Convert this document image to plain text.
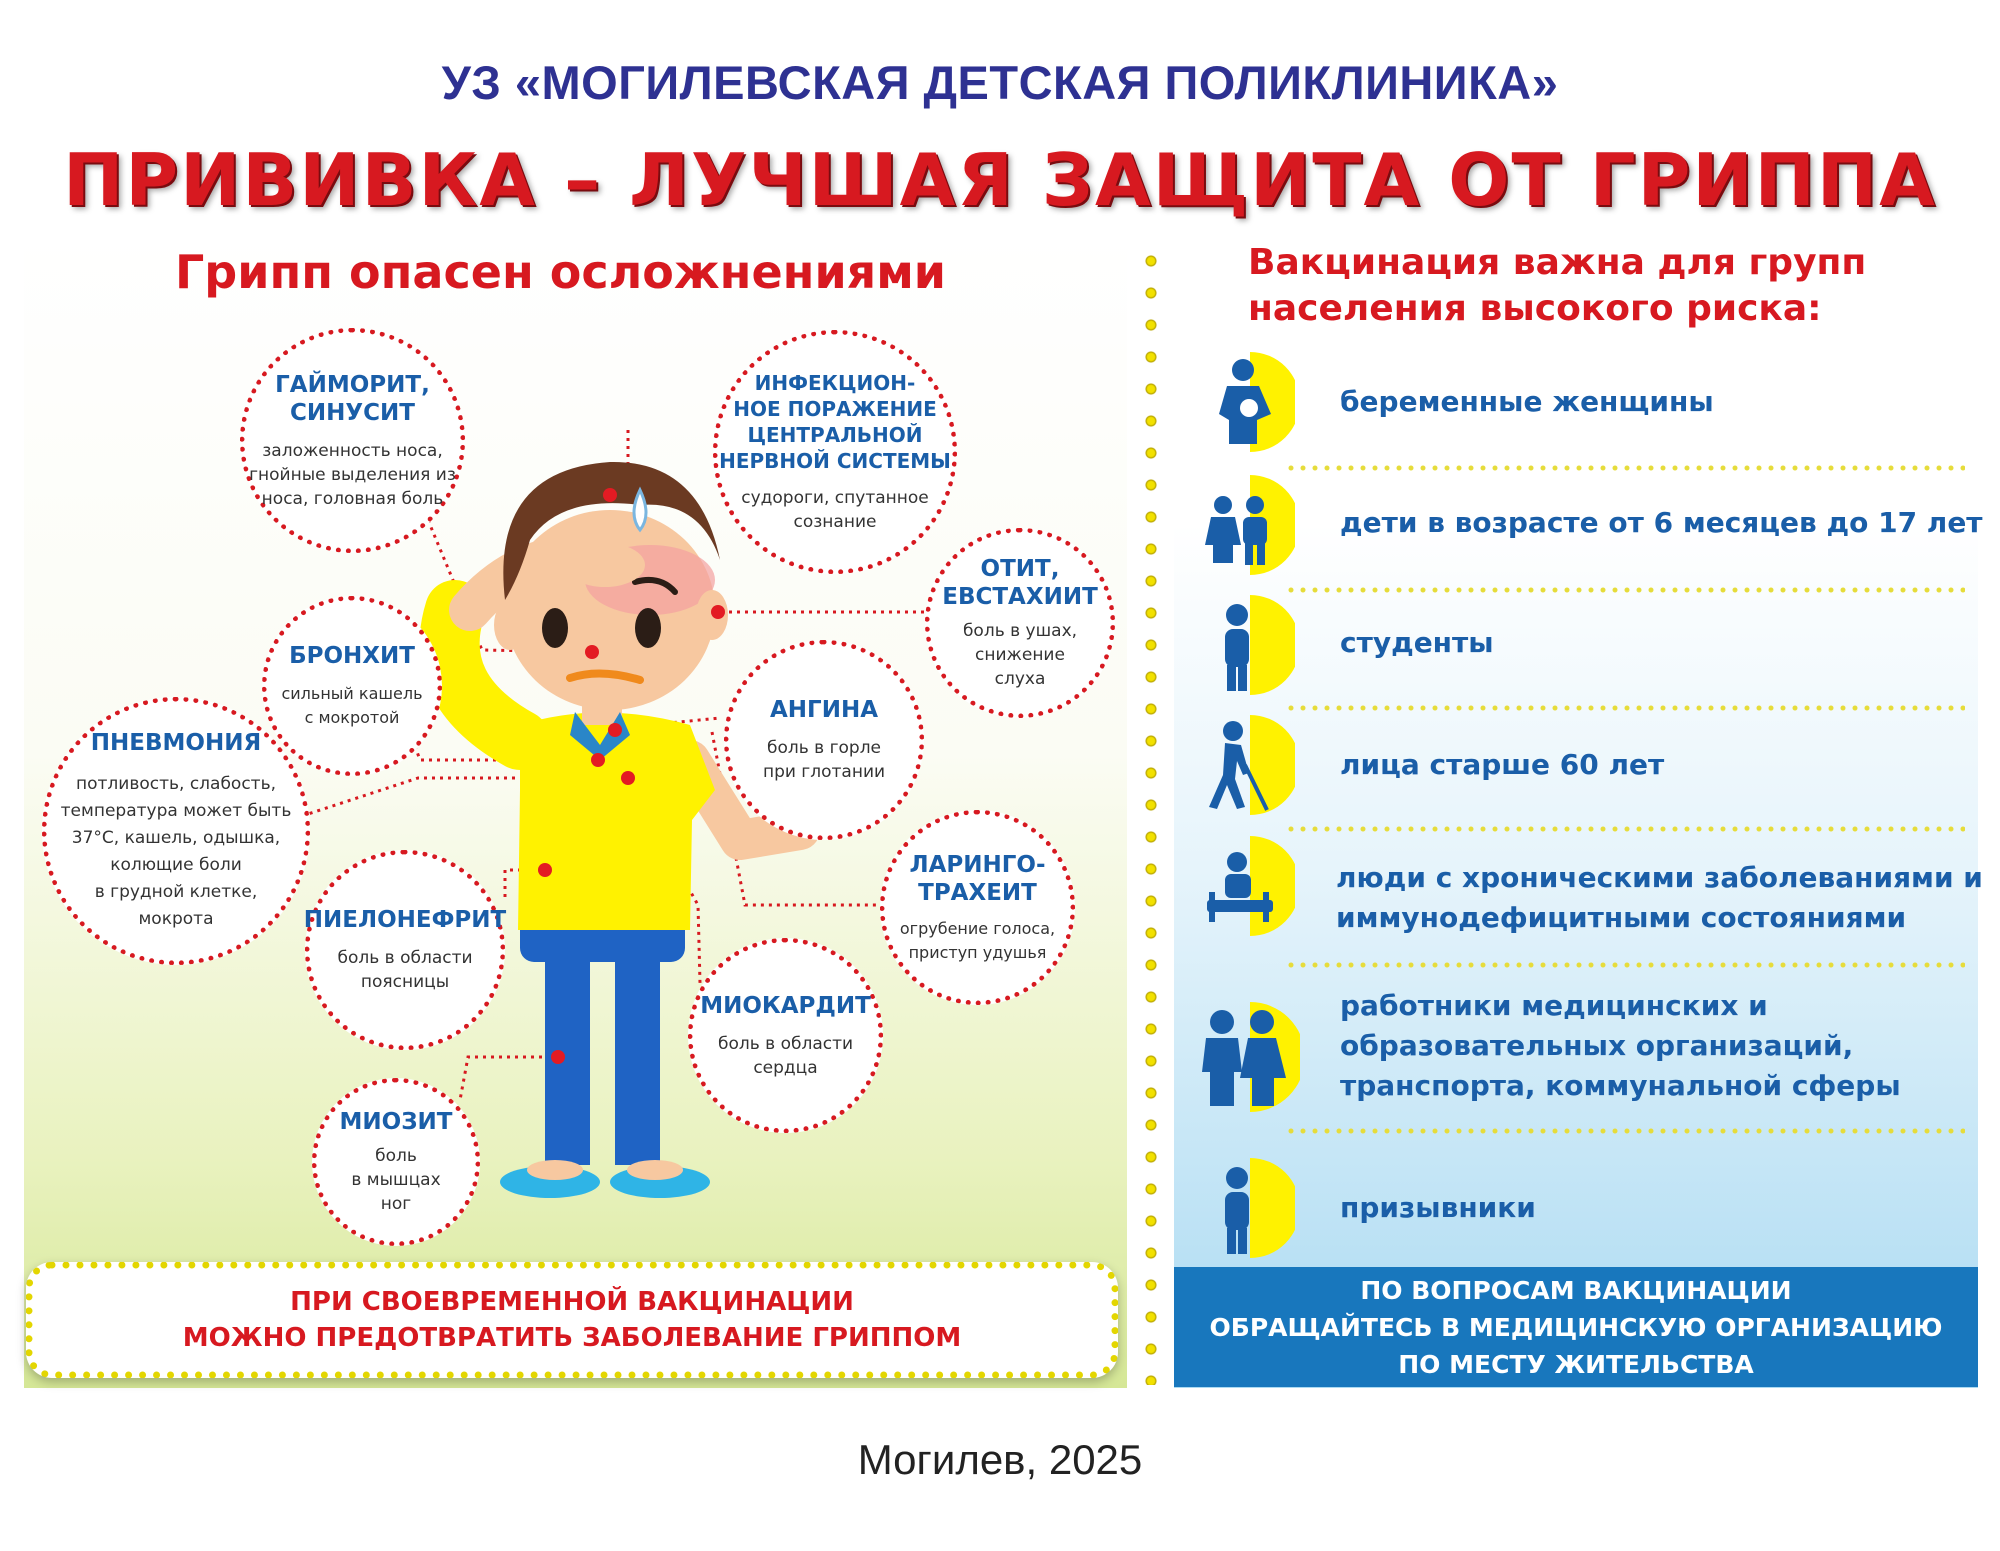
УЗ «МОГИЛЕВСКАЯ ДЕТСКАЯ ПОЛИКЛИНИКА»
ПРИВИВКА – ЛУЧШАЯ ЗАЩИТА ОТ ГРИППА
Грипп опасен осложнениями	Вакцинация важна для групп
населения высокого риска:
ГАЙМОРИТ,
СИНУСИТ
заложенность носа,
гнойные выделения из
носа, головная боль
ИНФЕКЦИОН-
НОЕ ПОРАЖЕНИЕ
ЦЕНТРАЛЬНОЙ
НЕРВНОЙ СИСТЕМЫ
судороги, спутанное
сознание
ОТИТ,
ЕВСТАХИИТ
боль в ушах,
снижение
слуха
БРОНХИТ
сильный кашель
с мокротой	АНГИНА
боль в горле
при глотании
ПНЕВМОНИЯ
потливость, слабость,
температура может быть
37°С, кашель, одышка,
колющие боли
в грудной клетке,
мокрота
ЛАРИНГО-
ТРАХЕИТ
огрубение голоса,
приступ удушья
ПИЕЛОНЕФРИТ
боль в области
поясницы
МИОКАРДИТ
боль в области
сердца
МИОЗИТ
боль
в мышцах
ног
беременные женщины
дети в возрасте от 6 месяцев до 17 лет
студенты
лица старше 60 лет
люди с хроническими заболеваниями и
иммунодефицитными состояниями
работники медицинских и
образовательных организаций,
транспорта, коммунальной сферы
призывники
ПРИ СВОЕВРЕМЕННОЙ ВАКЦИНАЦИИ
МОЖНО ПРЕДОТВРАТИТЬ ЗАБОЛЕВАНИЕ ГРИППОМ
ПО ВОПРОСАМ ВАКЦИНАЦИИ
ОБРАЩАЙТЕСЬ В МЕДИЦИНСКУЮ ОРГАНИЗАЦИЮ
ПО МЕСТУ ЖИТЕЛЬСТВА
Могилев, 2025
